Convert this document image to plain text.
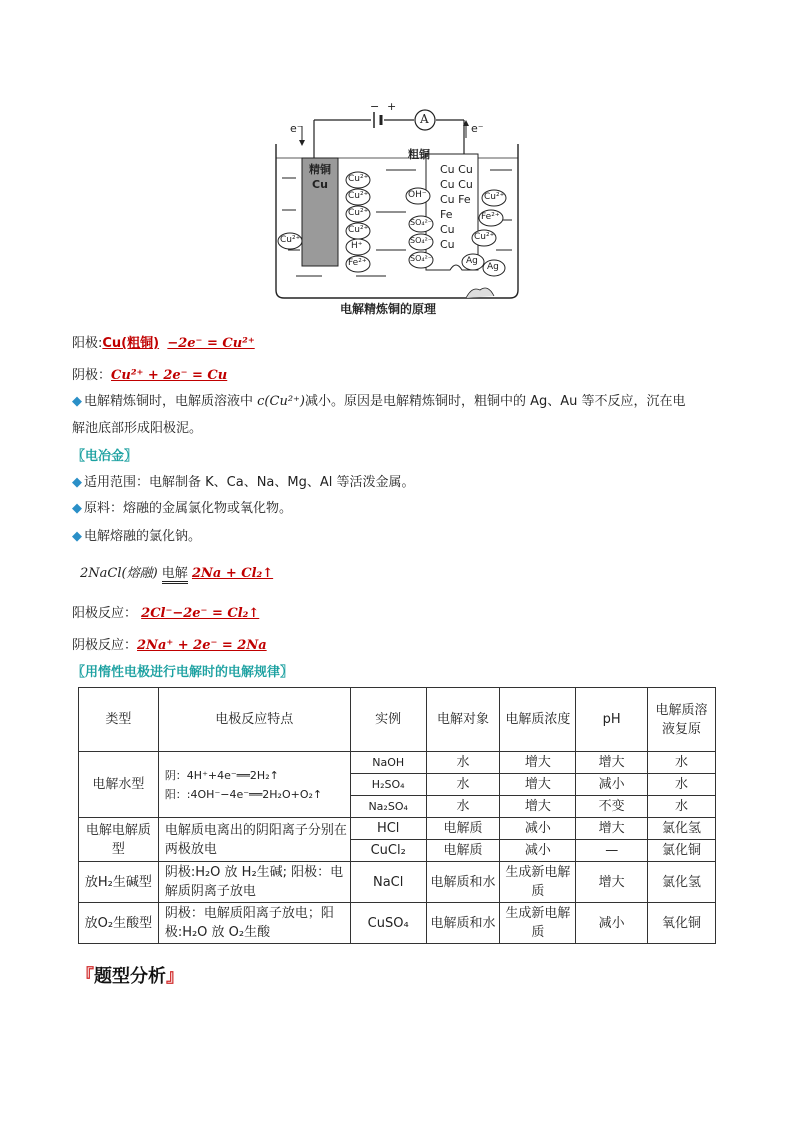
− +
A
e⁻	e⁻
粗铜
精铜
Cu
Cu Cu
Cu Cu
Cu Fe
Fe
Cu
Cu
Cu²⁺
Cu²⁺
Cu²⁺
Cu²⁺
H⁺
Fe²⁺
OH⁻
SO₄²⁻
SO₄²⁻
SO₄²⁻
Cu²⁺
Fe²⁺
Cu²⁺
Cu²⁺
Ag
Ag
电解精炼铜的原理
阳极:Cu(粗铜) −2e⁻ = Cu²⁺
阴极：Cu²⁺ + 2e⁻ = Cu
◆ 电解精炼铜时，电解质溶液中 c(Cu²⁺)减小。原因是电解精炼铜时，粗铜中的 Ag、Au 等不反应，沉在电
解池底部形成阳极泥。
〖电冶金〗
◆ 适用范围：电解制备 K、Ca、Na、Mg、Al 等活泼金属。
◆ 原料：熔融的金属氯化物或氧化物。
◆ 电解熔融的氯化钠。
2NaCl(熔融) 电解 2Na + Cl₂↑
阳极反应： 2Cl⁻−2e⁻ = Cl₂↑
阴极反应：2Na⁺ + 2e⁻ = 2Na
〖用惰性电极进行电解时的电解规律〗
类型	电极反应特点	实例	电解对象	电解质浓度	pH	电解质溶液复原
电解水型	阴：4H⁺+4e⁻══2H₂↑
阳：:4OH⁻−4e⁻══2H₂O+O₂↑	NaOH	水	增大	增大	水
		H₂SO₄	水	增大	减小	水
		Na₂SO₄	水	增大	不变	水
电解电解质型	电解质电离出的阴阳离子分别在两极放电	HCl	电解质	减小	增大	氯化氢
		CuCl₂	电解质	减小	—	氯化铜
放H₂生碱型	阴极:H₂O 放 H₂生碱; 阳极：电解质阴离子放电	NaCl	电解质和水	生成新电解质	增大	氯化氢
放O₂生酸型	阴极：电解质阳离子放电；阳极:H₂O 放 O₂生酸	CuSO₄	电解质和水	生成新电解质	减小	氧化铜
『题型分析』
